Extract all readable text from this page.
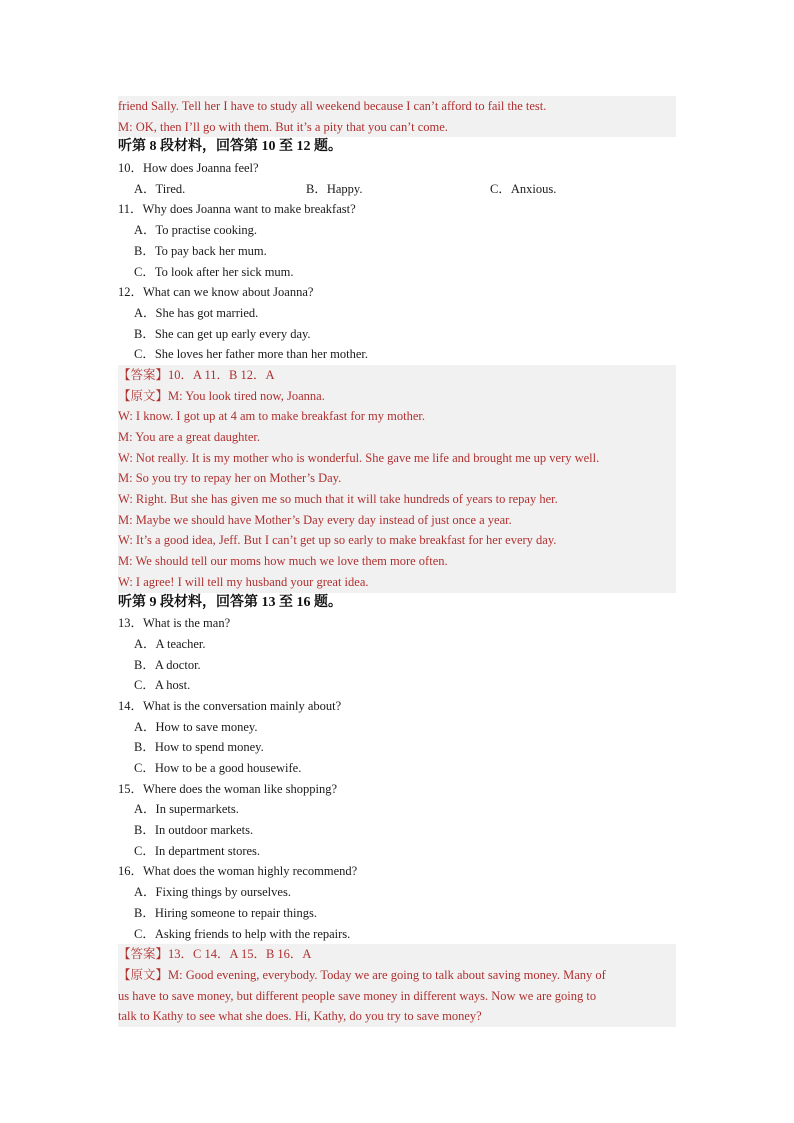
friend Sally. Tell her I have to study all weekend because I can’t afford to fail the test.
M: OK, then I’ll go with them. But it’s a pity that you can’t come.
听第 8 段材料，回答第 10 至 12 题。
10．How does Joanna feel?
A．Tired.	B．Happy.	C．Anxious.
11．Why does Joanna want to make breakfast?
A．To practise cooking.
B．To pay back her mum.
C．To look after her sick mum.
12．What can we know about Joanna?
A．She has got married.
B．She can get up early every day.
C．She loves her father more than her mother.
【答案】10．A 11．B 12．A
【原文】M: You look tired now, Joanna.
W: I know. I got up at 4 am to make breakfast for my mother.
M: You are a great daughter.
W: Not really. It is my mother who is wonderful. She gave me life and brought me up very well.
M: So you try to repay her on Mother’s Day.
W: Right. But she has given me so much that it will take hundreds of years to repay her.
M: Maybe we should have Mother’s Day every day instead of just once a year.
W: It’s a good idea, Jeff. But I can’t get up so early to make breakfast for her every day.
M: We should tell our moms how much we love them more often.
W: I agree! I will tell my husband your great idea.
听第 9 段材料，回答第 13 至 16 题。
13．What is the man?
A．A teacher.
B．A doctor.
C．A host.
14．What is the conversation mainly about?
A．How to save money.
B．How to spend money.
C．How to be a good housewife.
15．Where does the woman like shopping?
A．In supermarkets.
B．In outdoor markets.
C．In department stores.
16．What does the woman highly recommend?
A．Fixing things by ourselves.
B．Hiring someone to repair things.
C．Asking friends to help with the repairs.
【答案】13．C 14．A 15．B 16．A
【原文】M: Good evening, everybody. Today we are going to talk about saving money. Many of
us have to save money, but different people save money in different ways. Now we are going to
talk to Kathy to see what she does. Hi, Kathy, do you try to save money?
